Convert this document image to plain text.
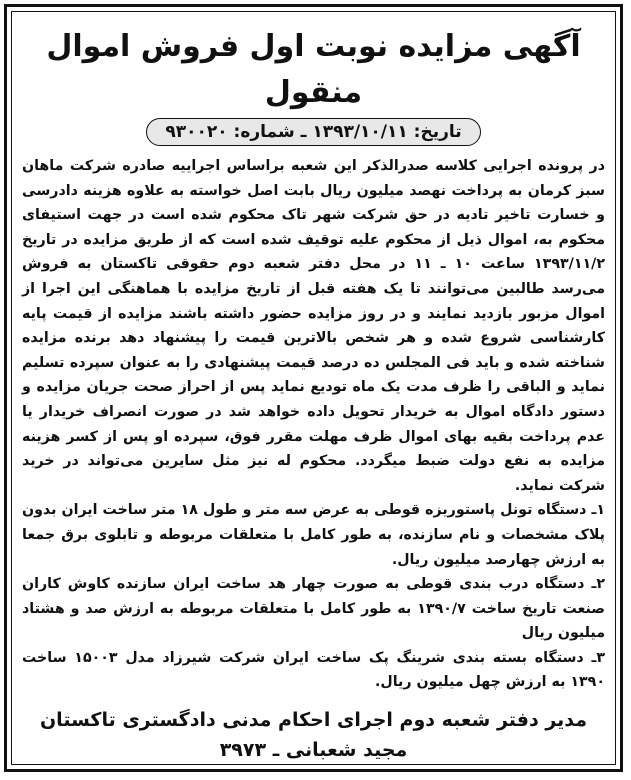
آگهی مزایده نوبت اول فروش اموال منقول
تاریخ: ۱۳۹۳/۱۰/۱۱ ـ شماره: ۹۳۰۰۲۰

در پرونده اجرایی کلاسه صدرالذکر این شعبه براساس اجراییه صادره شرکت ماهان سبز کرمان به پرداخت نهصد میلیون ریال بابت اصل خواسته به علاوه هزینه دادرسی و خسارت تاخیر تادیه در حق شرکت شهر تاک محکوم شده است در جهت استیفای محکوم به، اموال ذیل از محکوم علیه توقیف شده است که از طریق مزایده در تاریخ ۱۳۹۳/۱۱/۲ ساعت ۱۰ ـ ۱۱ در محل دفتر شعبه دوم حقوقی تاکستان به فروش می‌رسد طالبین می‌توانند تا یک هفته قبل از تاریخ مزایده با هماهنگی این اجرا از اموال مزبور بازدید نمایند و در روز مزایده حضور داشته باشند مزایده از قیمت پایه کارشناسی شروع شده و هر شخص بالاترین قیمت را پیشنهاد دهد برنده مزایده شناخته شده و باید فی المجلس ده درصد قیمت پیشنهادی را به عنوان سپرده تسلیم نماید و الباقی را ظرف مدت یک ماه تودیع نماید پس از احراز صحت جریان مزایده و دستور دادگاه اموال به خریدار تحویل داده خواهد شد در صورت انصراف خریدار یا عدم پرداخت بقیه بهای اموال ظرف مهلت مقرر فوق، سپرده او پس از کسر هزینه مزایده به نفع دولت ضبط میگردد. محکوم له نیز مثل سایرین می‌تواند در خرید شرکت نماید.

۱ـ دستگاه تونل پاستوریزه قوطی به عرض سه متر و طول ۱۸ متر ساخت ایران بدون پلاک مشخصات و نام سازنده، به طور کامل با متعلقات مربوطه و تابلوی برق جمعا به ارزش چهارصد میلیون ریال.

۲ـ دستگاه درب بندی قوطی به صورت چهار هد ساخت ایران سازنده کاوش کاران صنعت تاریخ ساخت ۱۳۹۰/۷ به طور کامل با متعلقات مربوطه به ارزش صد و هشتاد میلیون ریال

۳ـ دستگاه بسته بندی شرینگ پک ساخت ایران شرکت شیرزاد مدل ۱۵۰۰۳ ساخت ۱۳۹۰ به ارزش چهل میلیون ریال.

مدیر دفتر شعبه دوم اجرای احکام مدنی دادگستری تاکستان
مجید شعبانی ـ ۳۹۷۳
